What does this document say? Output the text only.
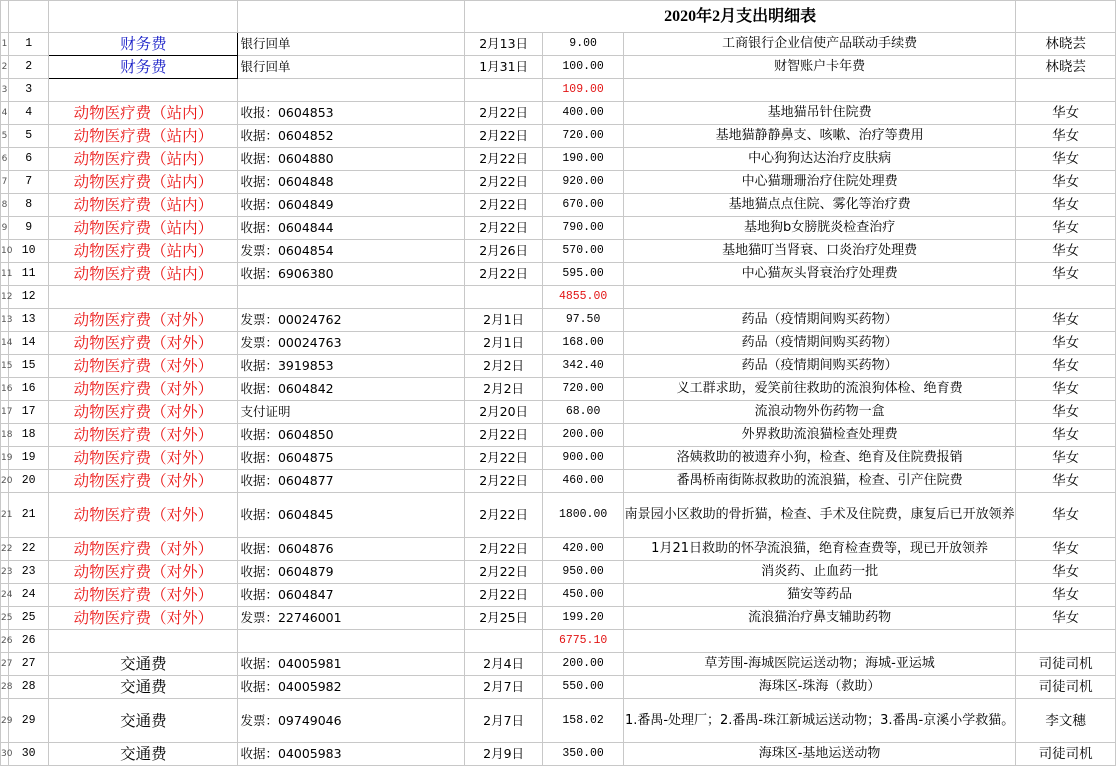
				2020年2月支出明细表			
1	1	财务费	银行回单	2月13日	9.00	工商银行企业信使产品联动手续费	林晓芸
2	2	财务费	银行回单	1月31日	100.00	财智账户卡年费	林晓芸
3	3				109.00		
4	4	动物医疗费（站内）	收报：0604853	2月22日	400.00	基地猫吊针住院费	华女
5	5	动物医疗费（站内）	收据：0604852	2月22日	720.00	基地猫静静鼻支、咳嗽、治疗等费用	华女
6	6	动物医疗费（站内）	收据：0604880	2月22日	190.00	中心狗狗达达治疗皮肤病	华女
7	7	动物医疗费（站内）	收据：0604848	2月22日	920.00	中心猫珊珊治疗住院处理费	华女
8	8	动物医疗费（站内）	收据：0604849	2月22日	670.00	基地猫点点住院、雾化等治疗费	华女
9	9	动物医疗费（站内）	收据：0604844	2月22日	790.00	基地狗b女膀胱炎检查治疗	华女
10	10	动物医疗费（站内）	发票：0604854	2月26日	570.00	基地猫叮当肾衰、口炎治疗处理费	华女
11	11	动物医疗费（站内）	收据：6906380	2月22日	595.00	中心猫灰头肾衰治疗处理费	华女
12	12				4855.00		
13	13	动物医疗费（对外）	发票：00024762	2月1日	97.50	药品（疫情期间购买药物）	华女
14	14	动物医疗费（对外）	发票：00024763	2月1日	168.00	药品（疫情期间购买药物）	华女
15	15	动物医疗费（对外）	收据：3919853	2月2日	342.40	药品（疫情期间购买药物）	华女
16	16	动物医疗费（对外）	收据：0604842	2月2日	720.00	义工群求助，爱笑前往救助的流浪狗体检、绝育费	华女
17	17	动物医疗费（对外）	支付证明	2月20日	68.00	流浪动物外伤药物一盒	华女
18	18	动物医疗费（对外）	收据：0604850	2月22日	200.00	外界救助流浪猫检查处理费	华女
19	19	动物医疗费（对外）	收据：0604875	2月22日	900.00	洛姨救助的被遗弃小狗，检查、绝育及住院费报销	华女
20	20	动物医疗费（对外）	收据：0604877	2月22日	460.00	番禺桥南街陈叔救助的流浪猫，检查、引产住院费	华女
21	21	动物医疗费（对外）	收据：0604845	2月22日	1800.00	南景园小区救助的骨折猫，检查、手术及住院费，康复后已开放领养	华女
22	22	动物医疗费（对外）	收据：0604876	2月22日	420.00	1月21日救助的怀孕流浪猫，绝育检查费等，现已开放领养	华女
23	23	动物医疗费（对外）	收据：0604879	2月22日	950.00	消炎药、止血药一批	华女
24	24	动物医疗费（对外）	收据：0604847	2月22日	450.00	猫安等药品	华女
25	25	动物医疗费（对外）	发票：22746001	2月25日	199.20	流浪猫治疗鼻支辅助药物	华女
26	26				6775.10		
27	27	交通费	收据：04005981	2月4日	200.00	草芳围-海城医院运送动物；海城-亚运城	司徒司机
28	28	交通费	收据：04005982	2月7日	550.00	海珠区-珠海（救助）	司徒司机
29	29	交通费	发票：09749046	2月7日	158.02	1.番禺-处理厂；2.番禺-珠江新城运送动物；3.番禺-京溪小学救猫。	李文穗
30	30	交通费	收据：04005983	2月9日	350.00	海珠区-基地运送动物	司徒司机
